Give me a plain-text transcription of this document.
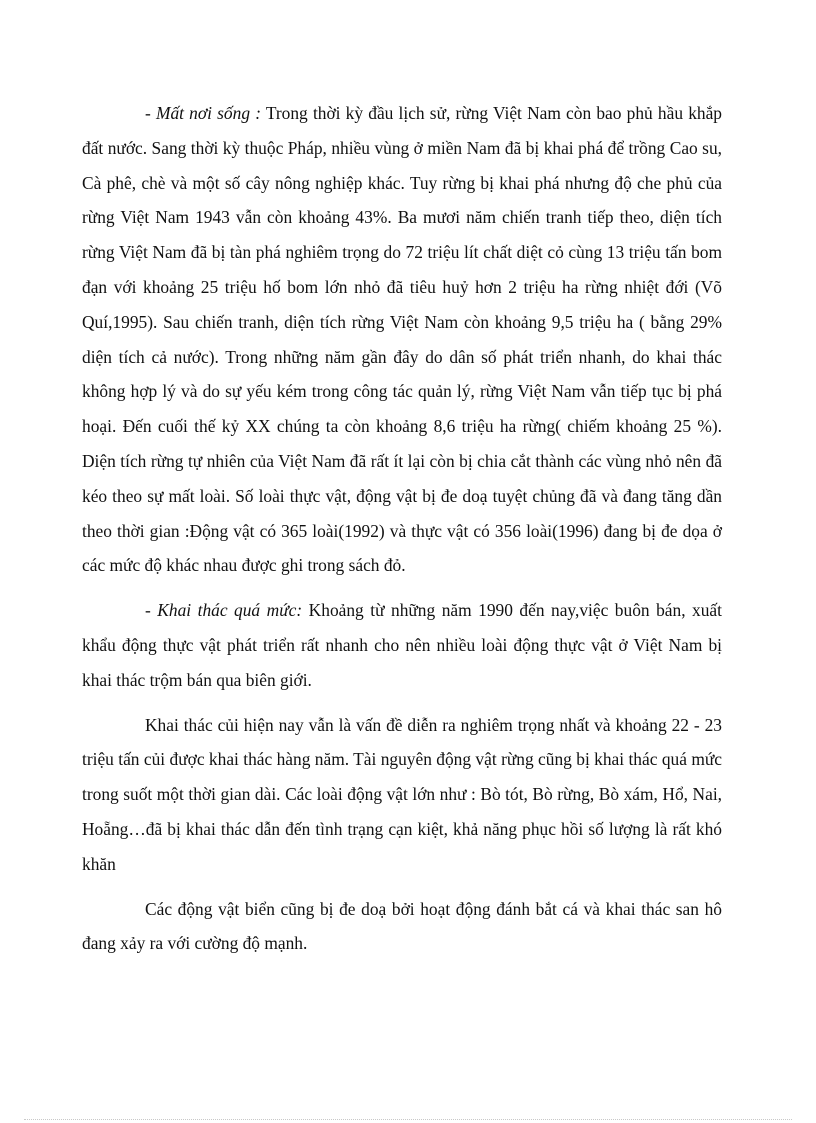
- Mất nơi sống : Trong thời kỳ đầu lịch sử, rừng Việt Nam còn bao phủ hầu khắp đất nước. Sang thời kỳ thuộc Pháp, nhiều vùng ở miền Nam đã bị khai phá để trồng Cao su, Cà phê, chè và một số cây nông nghiệp khác. Tuy rừng bị khai phá nhưng độ che phủ của rừng Việt Nam 1943 vẫn còn khoảng 43%. Ba mươi năm chiến tranh tiếp theo, diện tích rừng Việt Nam đã bị tàn phá nghiêm trọng do 72 triệu lít chất diệt cỏ cùng 13 triệu tấn bom đạn với khoảng 25 triệu hố bom lớn nhỏ đã tiêu huỷ hơn 2 triệu ha rừng nhiệt đới (Võ Quí,1995). Sau chiến tranh, diện tích rừng Việt Nam còn khoảng 9,5 triệu ha ( bằng 29% diện tích cả nước). Trong những năm gần đây do dân số phát triển nhanh, do khai thác không hợp lý và do sự yếu kém trong công tác quản lý, rừng Việt Nam vẫn tiếp tục bị phá hoại. Đến cuối thế kỷ XX chúng ta còn khoảng 8,6 triệu ha rừng( chiếm khoảng 25 %). Diện tích rừng tự nhiên của Việt Nam đã rất ít lại còn bị chia cắt thành các vùng nhỏ nên đã kéo theo sự mất loài. Số loài thực vật, động vật bị đe doạ tuyệt chủng đã và đang tăng dần theo thời gian :Động vật có 365 loài(1992) và thực vật có 356 loài(1996) đang bị đe dọa ở các mức độ khác nhau được ghi trong sách đỏ.

- Khai thác quá mức: Khoảng từ những năm 1990 đến nay,việc buôn bán, xuất khẩu động thực vật phát triển rất nhanh cho nên nhiều loài động thực vật ở Việt Nam bị khai thác trộm bán qua biên giới.

Khai thác củi hiện nay vẫn là vấn đề diễn ra nghiêm trọng nhất và khoảng 22 - 23 triệu tấn củi được khai thác hàng năm. Tài nguyên động vật rừng cũng bị khai thác quá mức trong suốt một thời gian dài. Các loài động vật lớn như : Bò tót, Bò rừng, Bò xám, Hổ, Nai, Hoẵng…đã bị khai thác dẫn đến tình trạng cạn kiệt, khả năng phục hồi số lượng là rất khó khăn

Các động vật biển cũng bị đe doạ bởi hoạt động đánh bắt cá và khai thác san hô đang xảy ra với cường độ mạnh.
